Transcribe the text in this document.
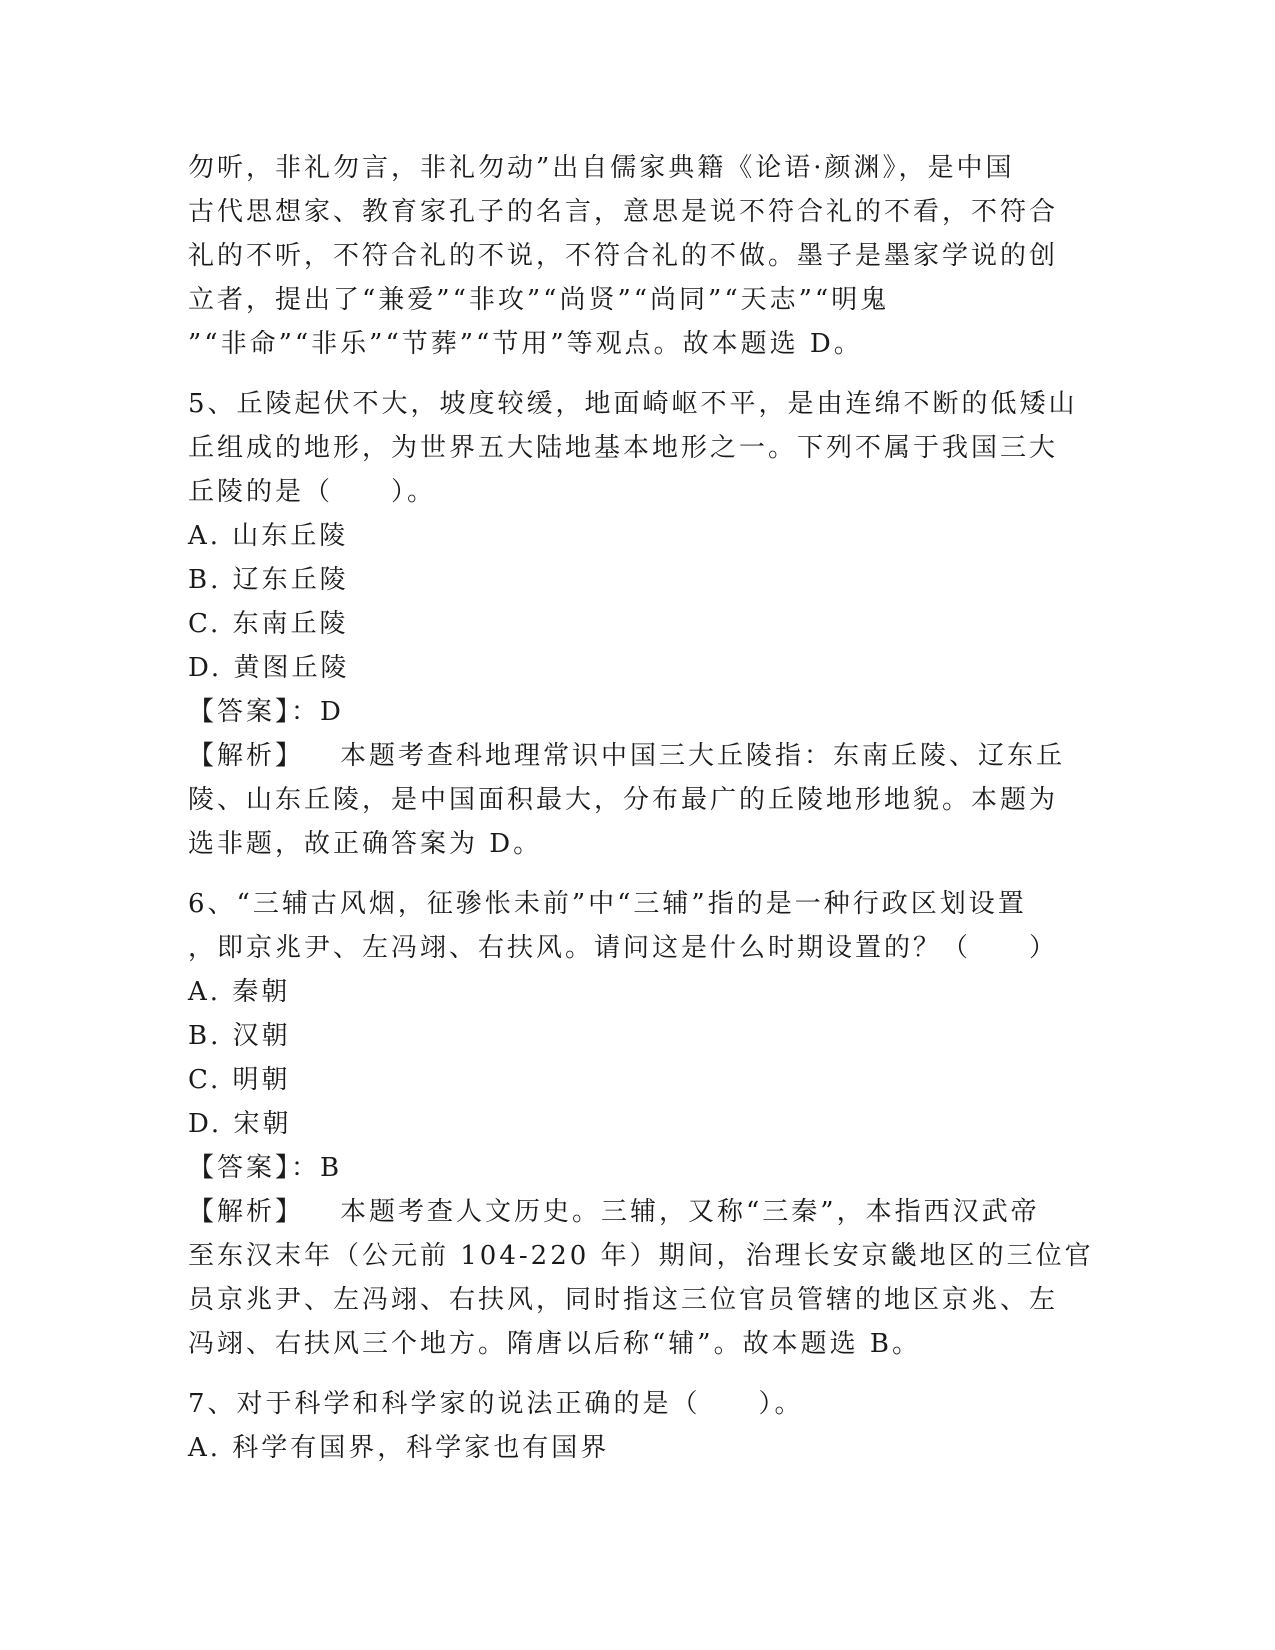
勿听，非礼勿言，非礼勿动”出自儒家典籍《论语·颜渊》，是中国
古代思想家、教育家孔子的名言，意思是说不符合礼的不看，不符合
礼的不听，不符合礼的不说，不符合礼的不做。墨子是墨家学说的创
立者，提出了“兼爱”“非攻”“尚贤”“尚同”“天志”“明鬼
”“非命”“非乐”“节葬”“节用”等观点。故本题选 D。
5、丘陵起伏不大，坡度较缓，地面崎岖不平，是由连绵不断的低矮山
丘组成的地形，为世界五大陆地基本地形之一。下列不属于我国三大
丘陵的是（　　）。
A. 山东丘陵
B. 辽东丘陵
C. 东南丘陵
D. 黄图丘陵
【答案】：D
【解析】 本题考查科地理常识中国三大丘陵指：东南丘陵、辽东丘
陵、山东丘陵，是中国面积最大，分布最广的丘陵地形地貌。本题为
选非题，故正确答案为 D。
6、“三辅古风烟，征骖怅未前”中“三辅”指的是一种行政区划设置
，即京兆尹、左冯翊、右扶风。请问这是什么时期设置的？（　　）
A. 秦朝
B. 汉朝
C. 明朝
D. 宋朝
【答案】：B
【解析】 本题考查人文历史。三辅，又称“三秦”，本指西汉武帝
至东汉末年（公元前 104-220 年）期间，治理长安京畿地区的三位官
员京兆尹、左冯翊、右扶风，同时指这三位官员管辖的地区京兆、左
冯翊、右扶风三个地方。隋唐以后称“辅”。故本题选 B。
7、对于科学和科学家的说法正确的是（　　）。
A. 科学有国界，科学家也有国界
